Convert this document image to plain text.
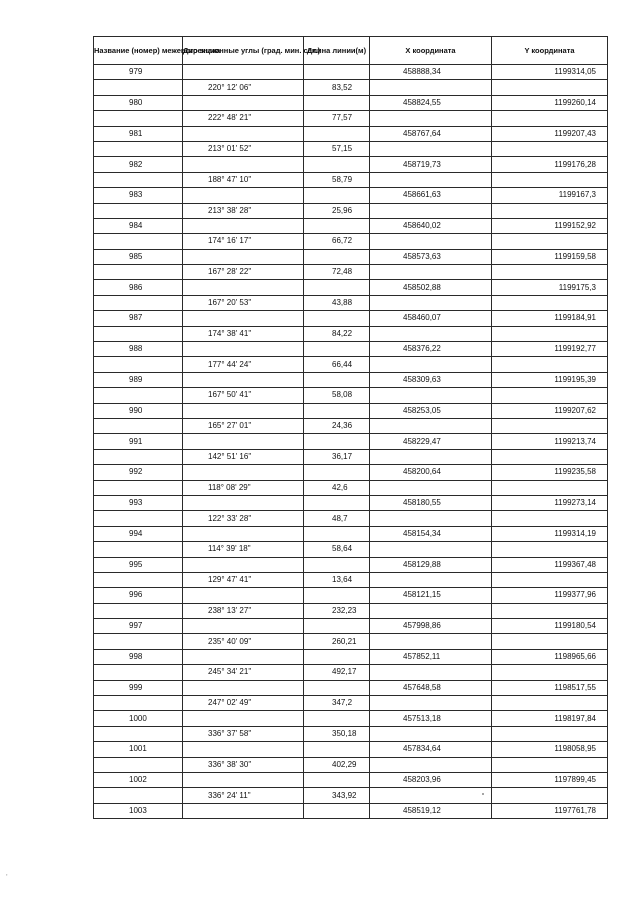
Название (номер) межевого знака	Дирекционные углы (град. мин. сек.)	Длина линии(м)	X координата	Y координата
979			458888,34	1199314,05
	220° 12' 06"	83,52		
980			458824,55	1199260,14
	222° 48' 21"	77,57		
981			458767,64	1199207,43
	213° 01' 52"	57,15		
982			458719,73	1199176,28
	188° 47' 10"	58,79		
983			458661,63	1199167,3
	213° 38' 28"	25,96		
984			458640,02	1199152,92
	174° 16' 17"	66,72		
985			458573,63	1199159,58
	167° 28' 22"	72,48		
986			458502,88	1199175,3
	167° 20' 53"	43,88		
987			458460,07	1199184,91
	174° 38' 41"	84,22		
988			458376,22	1199192,77
	177° 44' 24"	66,44		
989			458309,63	1199195,39
	167° 50' 41"	58,08		
990			458253,05	1199207,62
	165° 27' 01"	24,36		
991			458229,47	1199213,74
	142° 51' 16"	36,17		
992			458200,64	1199235,58
	118° 08' 29"	42,6		
993			458180,55	1199273,14
	122° 33' 28"	48,7		
994			458154,34	1199314,19
	114° 39' 18"	58,64		
995			458129,88	1199367,48
	129° 47' 41"	13,64		
996			458121,15	1199377,96
	238° 13' 27"	232,23		
997			457998,86	1199180,54
	235° 40' 09"	260,21		
998			457852,11	1198965,66
	245° 34' 21"	492,17		
999			457648,58	1198517,55
	247° 02' 49"	347,2		
1000			457513,18	1198197,84
	336° 37' 58"	350,18		
1001			457834,64	1198058,95
	336° 38' 30"	402,29		
1002			458203,96	1197899,45
	336° 24' 11"	343,92		
1003			458519,12	1197761,78
,
